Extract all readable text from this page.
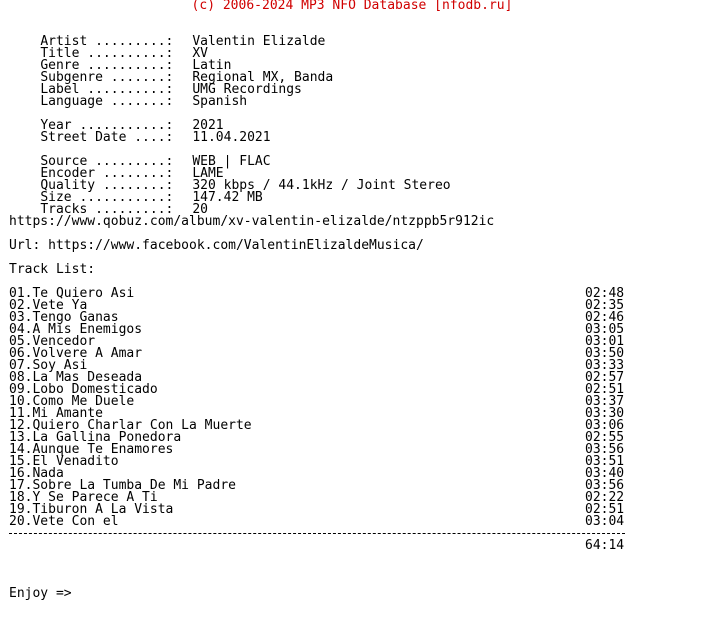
(c) 2006-2024 MP3 NFO Database [nfodb.ru]

Artist .........: Valentin Elizalde

Title ..........: XV

Genre ..........: Latin

Subgenre .......: Regional MX, Banda

Label ..........: UMG Recordings

Language .......: Spanish

Year ...........: 2021

Street Date ....: 11.04.2021

Source .........: WEB | FLAC

Encoder ........: LAME

Quality ........: 320 kbps / 44.1kHz / Joint Stereo

Size ...........: 147.42 MB

Tracks .........: 20

https://www.qobuz.com/album/xv-valentin-elizalde/ntzppb5r912ic
Url: https://www.facebook.com/ValentinElizaldeMusica/
Track List:
01.Te Quiero Asi	02:48
02.Vete Ya	02:35
03.Tengo Ganas	02:46
04.A Mis Enemigos	03:05
05.Vencedor	03:01
06.Volvere A Amar	03:50
07.Soy Asi	03:33
08.La Mas Deseada	02:57
09.Lobo Domesticado	02:51
10.Como Me Duele	03:37
11.Mi Amante	03:30
12.Quiero Charlar Con La Muerte	03:06
13.La Gallina Ponedora	02:55
14.Aunque Te Enamores	03:56
15.El Venadito	03:51
16.Nada	03:40
17.Sobre La Tumba De Mi Padre	03:56
18.Y Se Parece A Ti	02:22
19.Tiburon A La Vista	02:51
20.Vete Con el	03:04

64:14

Enjoy =>
